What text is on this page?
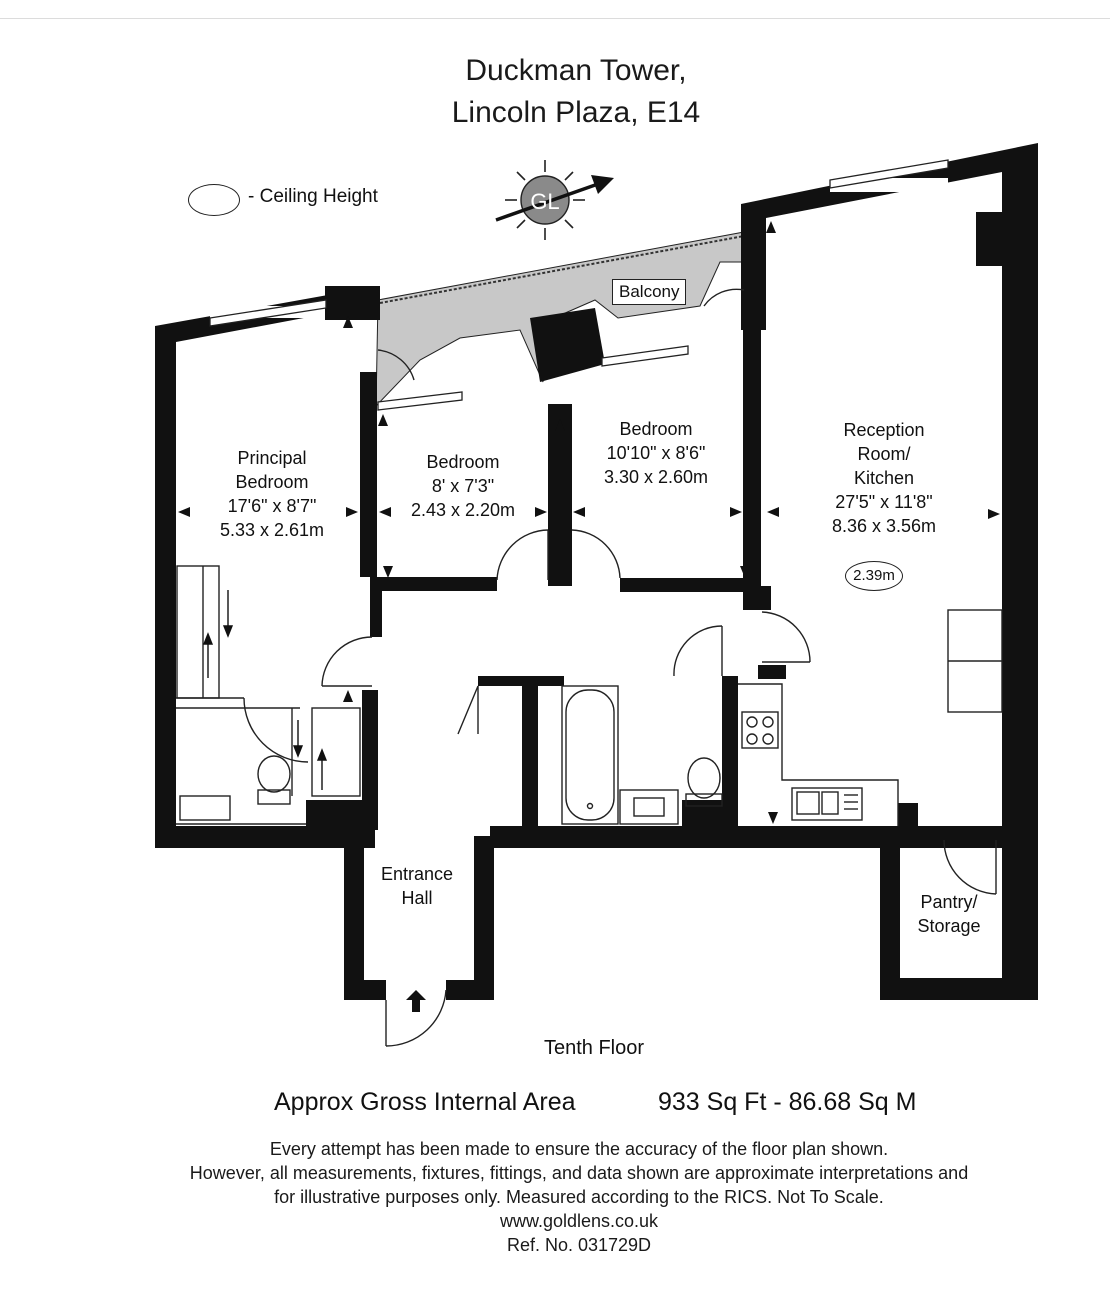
Duckman Tower,
Lincoln Plaza, E14
- Ceiling Height	GL
Balcony
Principal
Bedroom
17'6" x 8'7"
5.33 x 2.61m
Bedroom
8' x 7'3"
2.43 x 2.20m
Bedroom
10'10" x 8'6"
3.30 x 2.60m
Reception
Room/
Kitchen
27'5" x 11'8"
8.36 x 3.56m
2.39m
Entrance
Hall	Pantry/
Storage
Tenth Floor
Approx Gross Internal Area	933 Sq Ft - 86.68 Sq M
Every attempt has been made to ensure the accuracy of the floor plan shown.
However, all measurements, fixtures, fittings, and data shown are approximate interpretations and
for illustrative purposes only. Measured according to the RICS. Not To Scale.
www.goldlens.co.uk
Ref. No. 031729D
